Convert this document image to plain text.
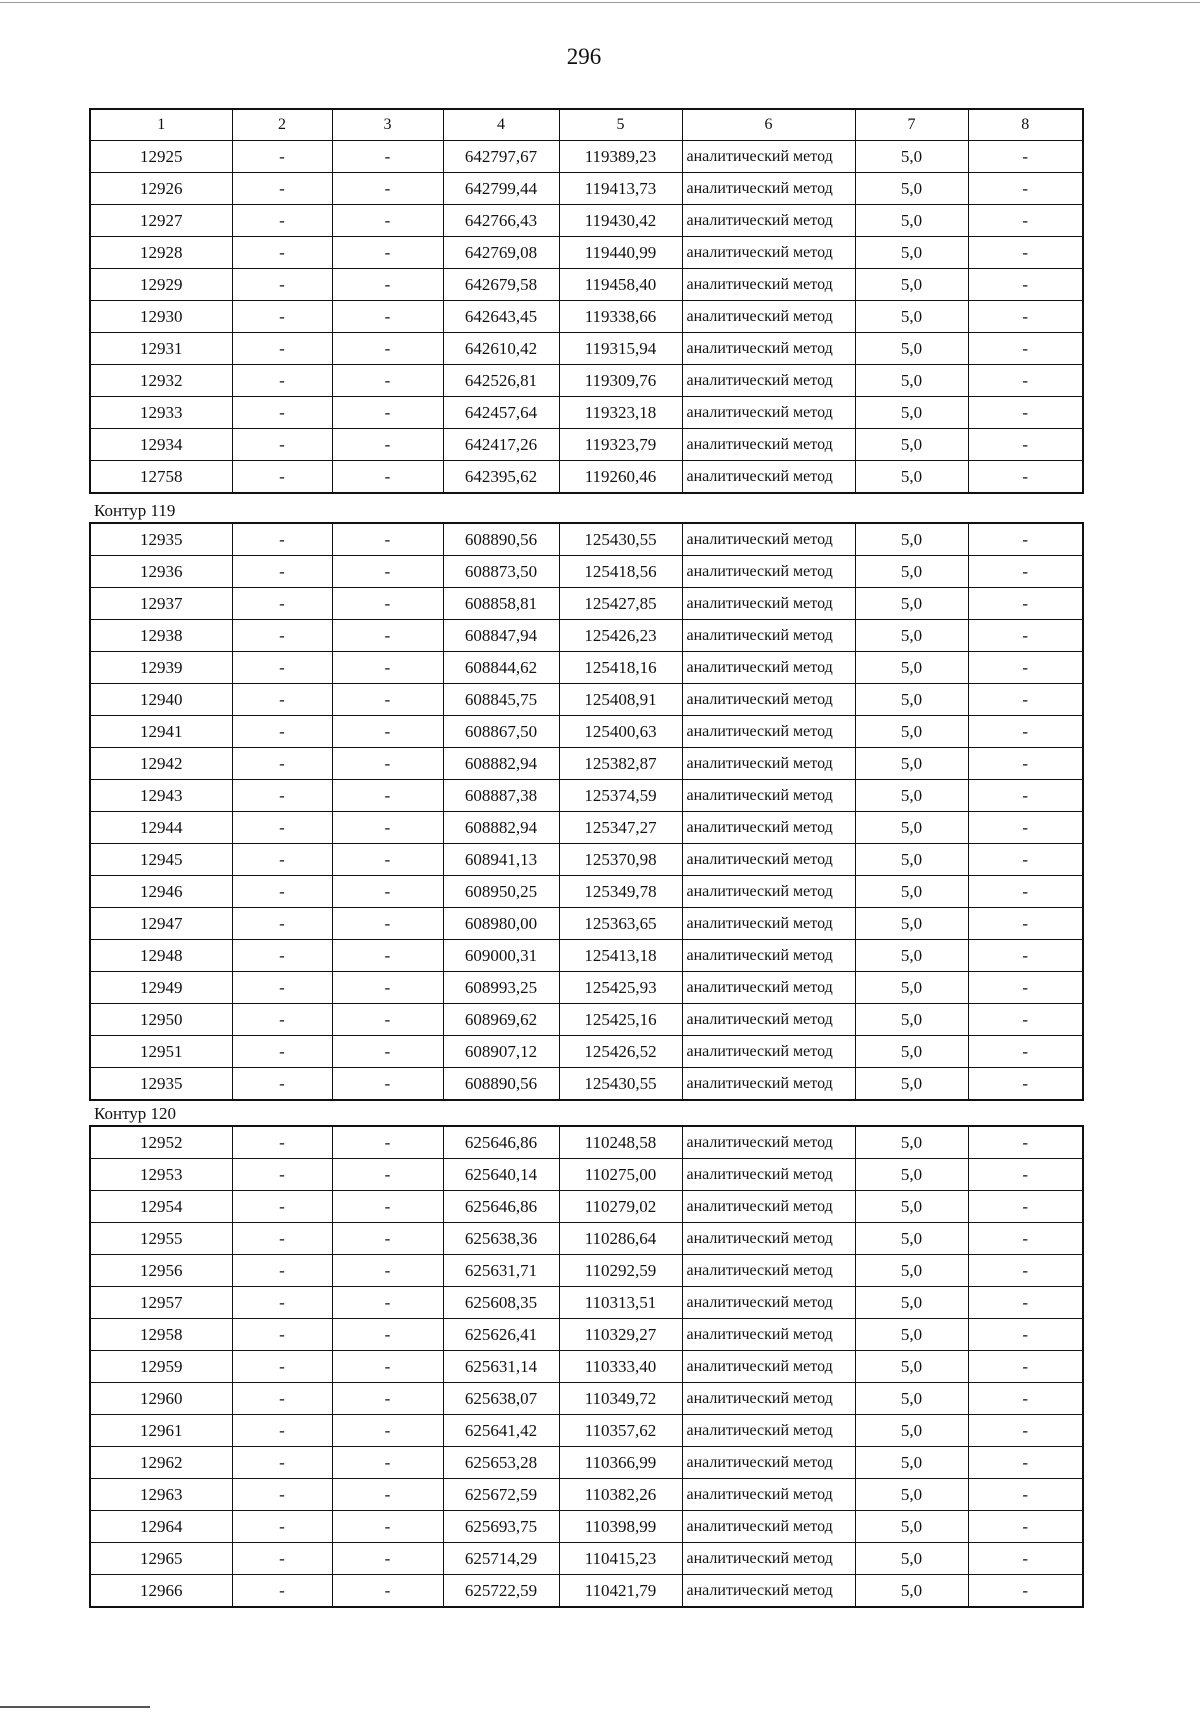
296
1	2	3	4	5	6	7	8
12925	-	-	642797,67	119389,23	аналитический метод	5,0	-
12926	-	-	642799,44	119413,73	аналитический метод	5,0	-
12927	-	-	642766,43	119430,42	аналитический метод	5,0	-
12928	-	-	642769,08	119440,99	аналитический метод	5,0	-
12929	-	-	642679,58	119458,40	аналитический метод	5,0	-
12930	-	-	642643,45	119338,66	аналитический метод	5,0	-
12931	-	-	642610,42	119315,94	аналитический метод	5,0	-
12932	-	-	642526,81	119309,76	аналитический метод	5,0	-
12933	-	-	642457,64	119323,18	аналитический метод	5,0	-
12934	-	-	642417,26	119323,79	аналитический метод	5,0	-
12758	-	-	642395,62	119260,46	аналитический метод	5,0	-
Контур 119
12935	-	-	608890,56	125430,55	аналитический метод	5,0	-
12936	-	-	608873,50	125418,56	аналитический метод	5,0	-
12937	-	-	608858,81	125427,85	аналитический метод	5,0	-
12938	-	-	608847,94	125426,23	аналитический метод	5,0	-
12939	-	-	608844,62	125418,16	аналитический метод	5,0	-
12940	-	-	608845,75	125408,91	аналитический метод	5,0	-
12941	-	-	608867,50	125400,63	аналитический метод	5,0	-
12942	-	-	608882,94	125382,87	аналитический метод	5,0	-
12943	-	-	608887,38	125374,59	аналитический метод	5,0	-
12944	-	-	608882,94	125347,27	аналитический метод	5,0	-
12945	-	-	608941,13	125370,98	аналитический метод	5,0	-
12946	-	-	608950,25	125349,78	аналитический метод	5,0	-
12947	-	-	608980,00	125363,65	аналитический метод	5,0	-
12948	-	-	609000,31	125413,18	аналитический метод	5,0	-
12949	-	-	608993,25	125425,93	аналитический метод	5,0	-
12950	-	-	608969,62	125425,16	аналитический метод	5,0	-
12951	-	-	608907,12	125426,52	аналитический метод	5,0	-
12935	-	-	608890,56	125430,55	аналитический метод	5,0	-
Контур 120
12952	-	-	625646,86	110248,58	аналитический метод	5,0	-
12953	-	-	625640,14	110275,00	аналитический метод	5,0	-
12954	-	-	625646,86	110279,02	аналитический метод	5,0	-
12955	-	-	625638,36	110286,64	аналитический метод	5,0	-
12956	-	-	625631,71	110292,59	аналитический метод	5,0	-
12957	-	-	625608,35	110313,51	аналитический метод	5,0	-
12958	-	-	625626,41	110329,27	аналитический метод	5,0	-
12959	-	-	625631,14	110333,40	аналитический метод	5,0	-
12960	-	-	625638,07	110349,72	аналитический метод	5,0	-
12961	-	-	625641,42	110357,62	аналитический метод	5,0	-
12962	-	-	625653,28	110366,99	аналитический метод	5,0	-
12963	-	-	625672,59	110382,26	аналитический метод	5,0	-
12964	-	-	625693,75	110398,99	аналитический метод	5,0	-
12965	-	-	625714,29	110415,23	аналитический метод	5,0	-
12966	-	-	625722,59	110421,79	аналитический метод	5,0	-
